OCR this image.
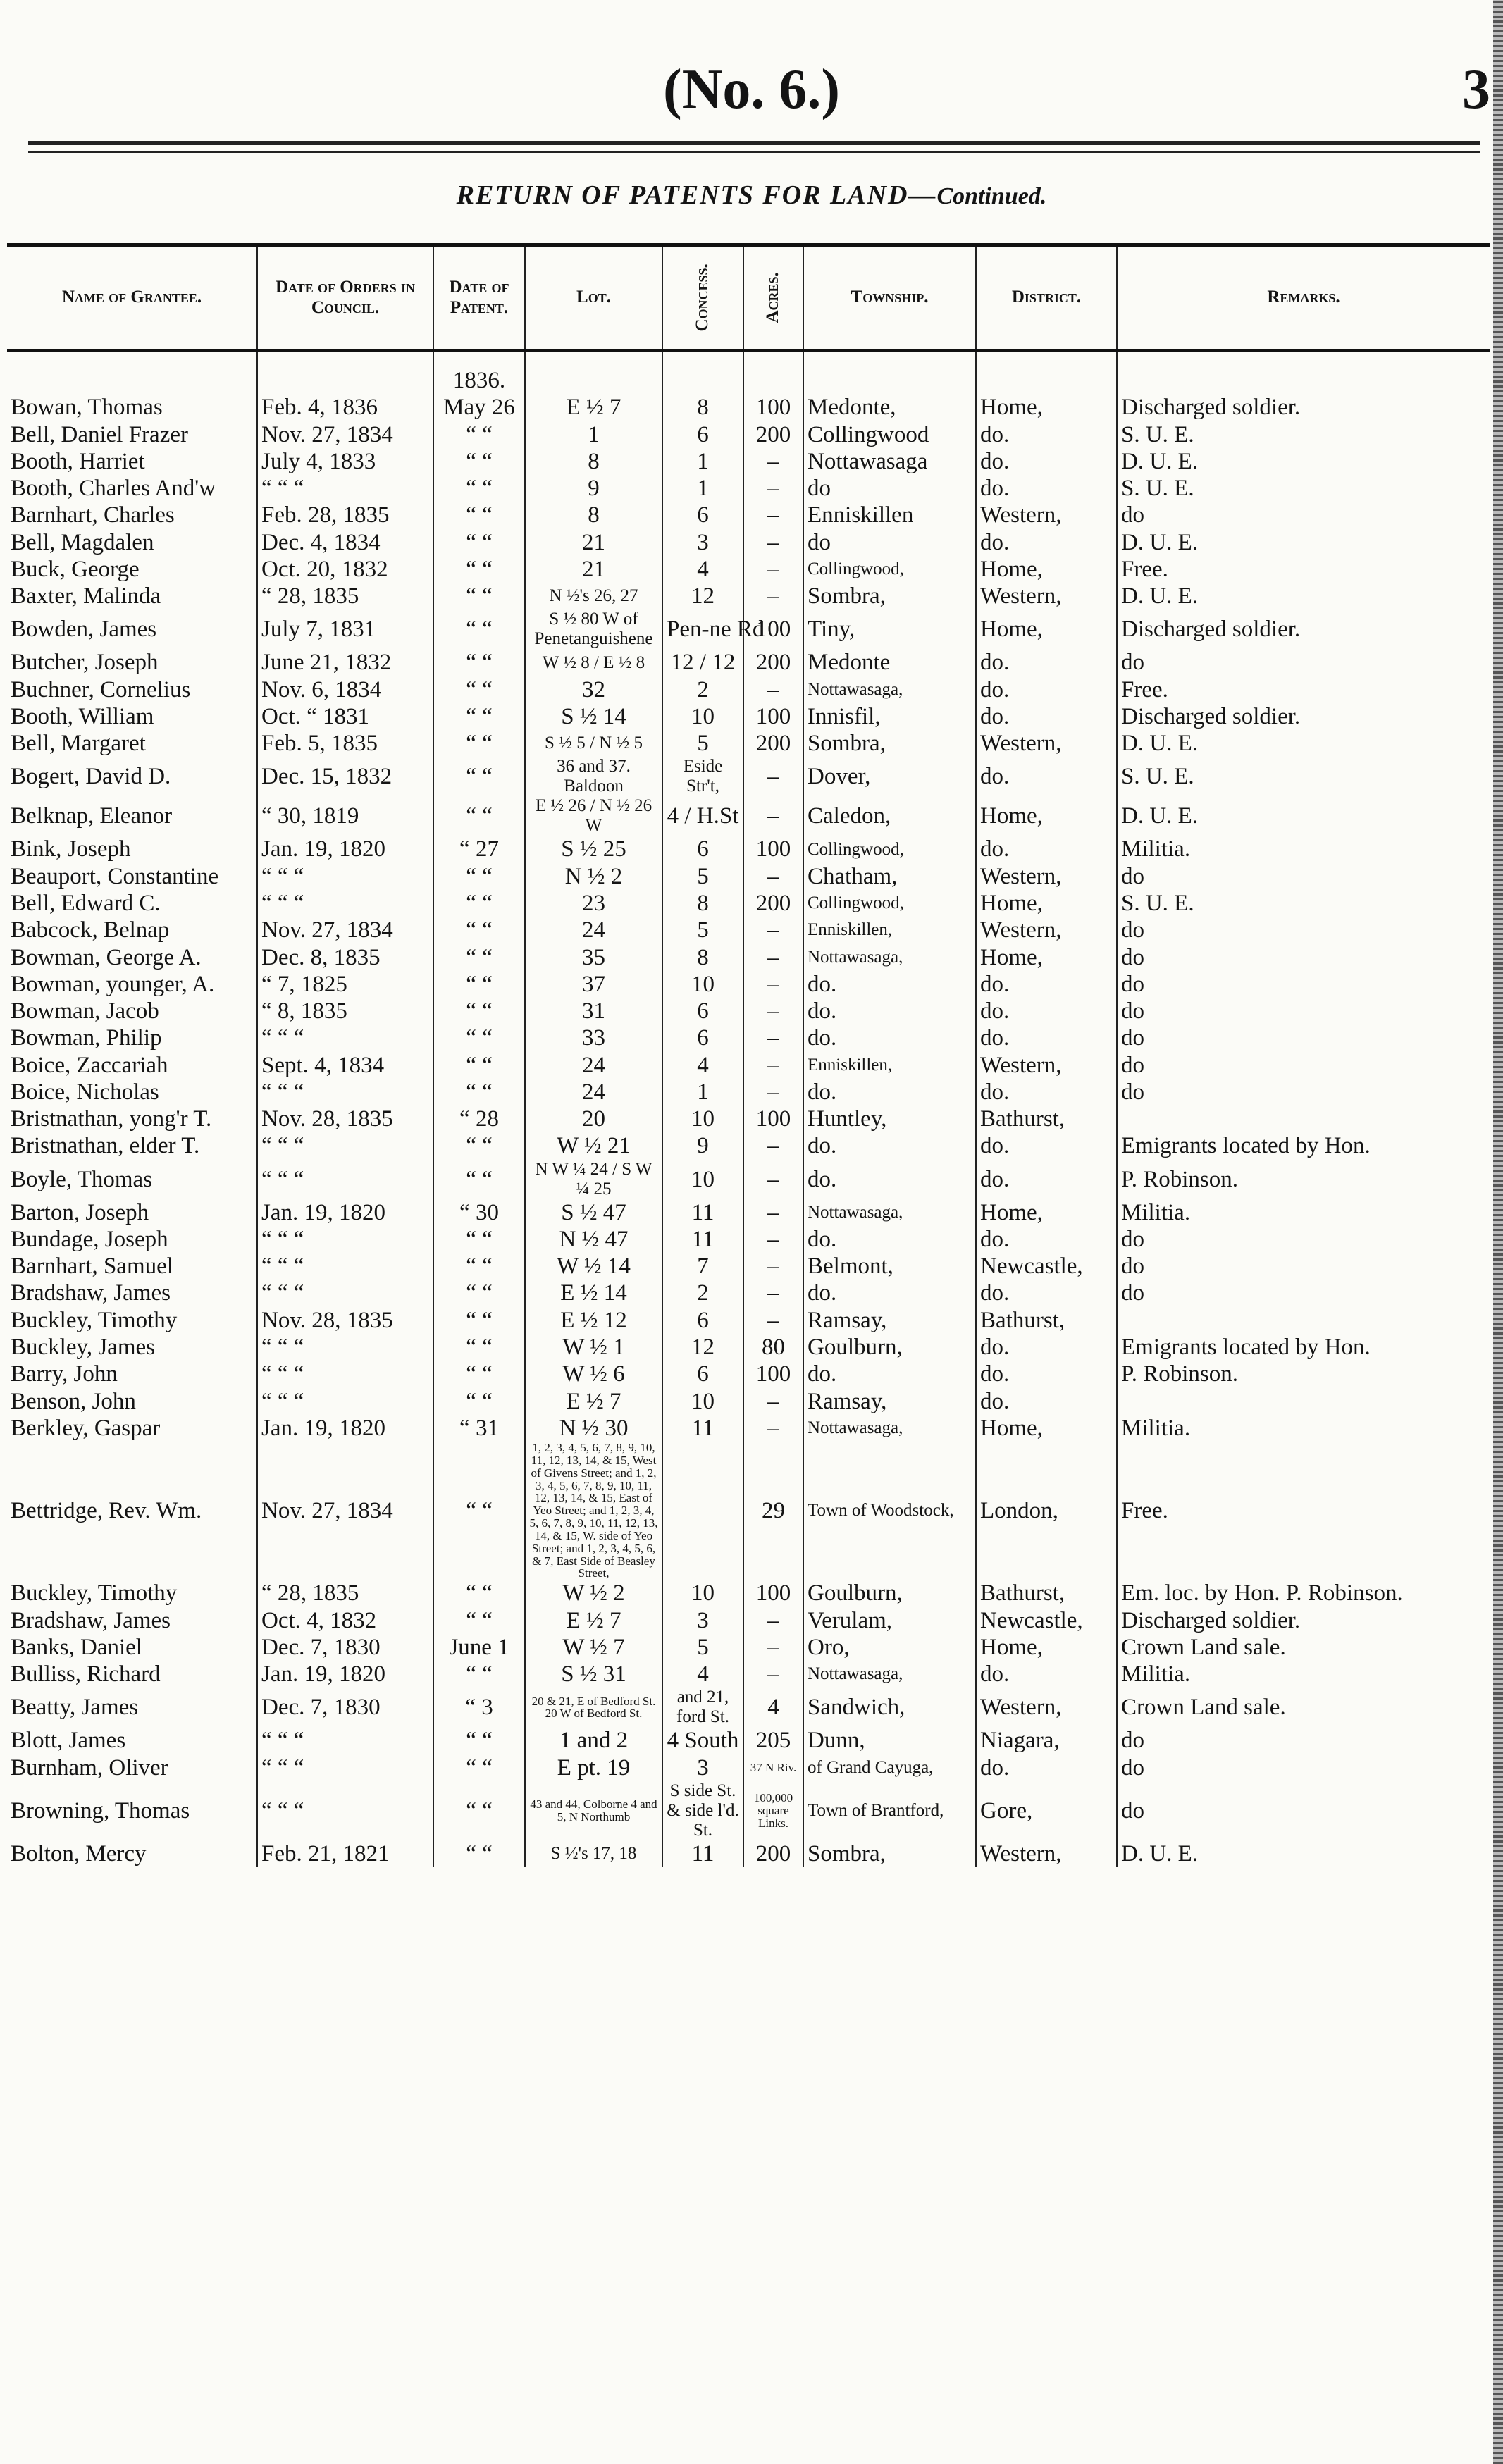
(No. 6.)	3
RETURN OF PATENTS FOR LAND—Continued.
Name of Grantee.	Date of Orders in Council.	Date of Patent.	Lot.	Concess.	Acres.	Township.	District.	Remarks.
		1836.						
Bowan, Thomas	Feb. 4, 1836	May 26	E ½ 7	8	100	Medonte,	Home,	Discharged soldier.
Bell, Daniel Frazer	Nov. 27, 1834	“ “	1	6	200	Collingwood	do.	S. U. E.
Booth, Harriet	July 4, 1833	“ “	8	1	–	Nottawasaga	do.	D. U. E.
Booth, Charles And'w	“ “ “	“ “	9	1	–	do	do.	S. U. E.
Barnhart, Charles	Feb. 28, 1835	“ “	8	6	–	Enniskillen	Western,	do
Bell, Magdalen	Dec. 4, 1834	“ “	21	3	–	do	do.	D. U. E.
Buck, George	Oct. 20, 1832	“ “	21	4	–	Collingwood,	Home,	Free.
Baxter, Malinda	“ 28, 1835	“ “	N ½'s 26, 27	12	–	Sombra,	Western,	D. U. E.
Bowden, James	July 7, 1831	“ “	S ½ 80 W of Penetanguishene	Pen-ne Rd	100	Tiny,	Home,	Discharged soldier.
Butcher, Joseph	June 21, 1832	“ “	W ½ 8 / E ½ 8	12 / 12	200	Medonte	do.	do
Buchner, Cornelius	Nov. 6, 1834	“ “	32	2	–	Nottawasaga,	do.	Free.
Booth, William	Oct. “ 1831	“ “	S ½ 14	10	100	Innisfil,	do.	Discharged soldier.
Bell, Margaret	Feb. 5, 1835	“ “	S ½ 5 / N ½ 5	5	200	Sombra,	Western,	D. U. E.
Bogert, David D.	Dec. 15, 1832	“ “	36 and 37. Baldoon	Eside Str't,	–	Dover,	do.	S. U. E.
Belknap, Eleanor	“ 30, 1819	“ “	E ½ 26 / N ½ 26 W	4 / H.St	–	Caledon,	Home,	D. U. E.
Bink, Joseph	Jan. 19, 1820	“ 27	S ½ 25	6	100	Collingwood,	do.	Militia.
Beauport, Constantine	“ “ “	“ “	N ½ 2	5	–	Chatham,	Western,	do
Bell, Edward C.	“ “ “	“ “	23	8	200	Collingwood,	Home,	S. U. E.
Babcock, Belnap	Nov. 27, 1834	“ “	24	5	–	Enniskillen,	Western,	do
Bowman, George A.	Dec. 8, 1835	“ “	35	8	–	Nottawasaga,	Home,	do
Bowman, younger, A.	“ 7, 1825	“ “	37	10	–	do.	do.	do
Bowman, Jacob	“ 8, 1835	“ “	31	6	–	do.	do.	do
Bowman, Philip	“ “ “	“ “	33	6	–	do.	do.	do
Boice, Zaccariah	Sept. 4, 1834	“ “	24	4	–	Enniskillen,	Western,	do
Boice, Nicholas	“ “ “	“ “	24	1	–	do.	do.	do
Bristnathan, yong'r T.	Nov. 28, 1835	“ 28	20	10	100	Huntley,	Bathurst,	
Bristnathan, elder T.	“ “ “	“ “	W ½ 21	9	–	do.	do.	Emigrants located by Hon.
Boyle, Thomas	“ “ “	“ “	N W ¼ 24 / S W ¼ 25	10	–	do.	do.	P. Robinson.
Barton, Joseph	Jan. 19, 1820	“ 30	S ½ 47	11	–	Nottawasaga,	Home,	Militia.
Bundage, Joseph	“ “ “	“ “	N ½ 47	11	–	do.	do.	do
Barnhart, Samuel	“ “ “	“ “	W ½ 14	7	–	Belmont,	Newcastle,	do
Bradshaw, James	“ “ “	“ “	E ½ 14	2	–	do.	do.	do
Buckley, Timothy	Nov. 28, 1835	“ “	E ½ 12	6	–	Ramsay,	Bathurst,	
Buckley, James	“ “ “	“ “	W ½ 1	12	80	Goulburn,	do.	Emigrants located by Hon.
Barry, John	“ “ “	“ “	W ½ 6	6	100	do.	do.	P. Robinson.
Benson, John	“ “ “	“ “	E ½ 7	10	–	Ramsay,	do.	
Berkley, Gaspar	Jan. 19, 1820	“ 31	N ½ 30	11	–	Nottawasaga,	Home,	Militia.
Bettridge, Rev. Wm.	Nov. 27, 1834	“ “	1, 2, 3, 4, 5, 6, 7, 8, 9, 10, 11, 12, 13, 14, & 15, West of Givens Street; and 1, 2, 3, 4, 5, 6, 7, 8, 9, 10, 11, 12, 13, 14, & 15, East of Yeo Street; and 1, 2, 3, 4, 5, 6, 7, 8, 9, 10, 11, 12, 13, 14, & 15, W. side of Yeo Street; and 1, 2, 3, 4, 5, 6, & 7, East Side of Beasley Street,		29	Town of Woodstock,	London,	Free.
Buckley, Timothy	“ 28, 1835	“ “	W ½ 2	10	100	Goulburn,	Bathurst,	Em. loc. by Hon. P. Robinson.
Bradshaw, James	Oct. 4, 1832	“ “	E ½ 7	3	–	Verulam,	Newcastle,	Discharged soldier.
Banks, Daniel	Dec. 7, 1830	June 1	W ½ 7	5	–	Oro,	Home,	Crown Land sale.
Bulliss, Richard	Jan. 19, 1820	“ “	S ½ 31	4	–	Nottawasaga,	do.	Militia.
Beatty, James	Dec. 7, 1830	“ 3	20 & 21, E of Bedford St. 20 W of Bedford St.	and 21, ford St.	4	Sandwich,	Western,	Crown Land sale.
Blott, James	“ “ “	“ “	1 and 2	4 South	205	Dunn,	Niagara,	do
Burnham, Oliver	“ “ “	“ “	E pt. 19	3	37 N Riv.	of Grand Cayuga,	do.	do
Browning, Thomas	“ “ “	“ “	43 and 44, Colborne 4 and 5, N Northumb	S side St. & side l'd. St.	100,000 square Links.	Town of Brantford,	Gore,	do
Bolton, Mercy	Feb. 21, 1821	“ “	S ½'s 17, 18	11	200	Sombra,	Western,	D. U. E.
